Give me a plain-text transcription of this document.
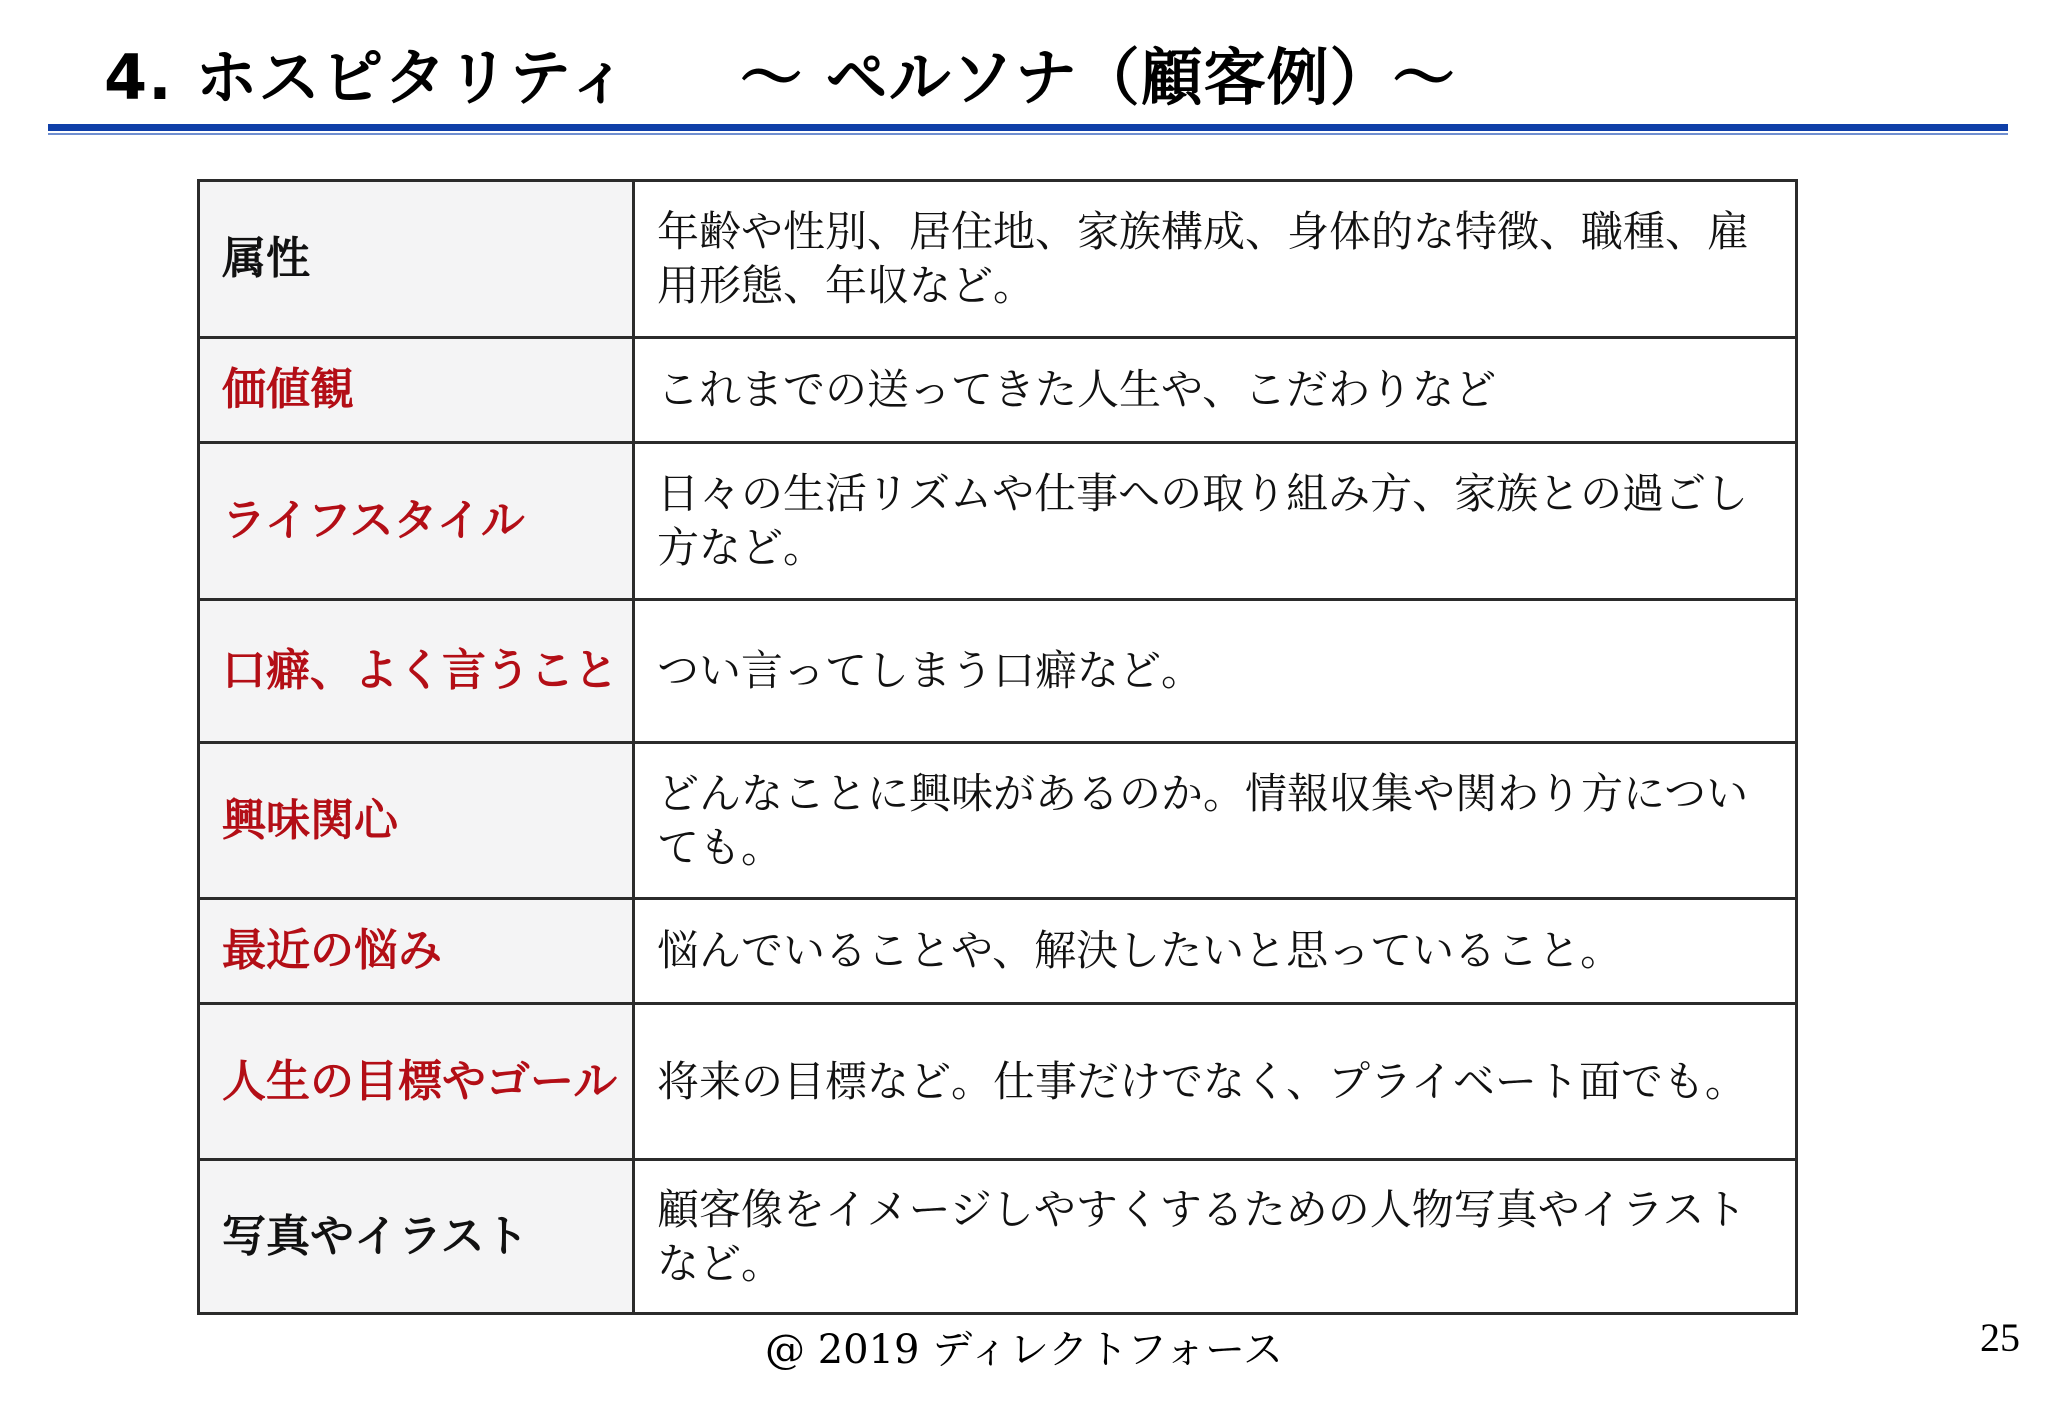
4. ホスピタリティ ～ ペルソナ（顧客例）～
属性	年齢や性別、居住地、家族構成、身体的な特徴、職種、雇用形態、年収など。
価値観	これまでの送ってきた人生や、こだわりなど
ライフスタイル	日々の生活リズムや仕事への取り組み方、家族との過ごし方など。
口癖、よく言うこと	つい言ってしまう口癖など。
興味関心	どんなことに興味があるのか。情報収集や関わり方についても。
最近の悩み	悩んでいることや、解決したいと思っていること。
人生の目標やゴール	将来の目標など。仕事だけでなく、プライベート面でも。
写真やイラスト	顧客像をイメージしやすくするための人物写真やイラストなど。
@ 2019 ディレクトフォース	25
